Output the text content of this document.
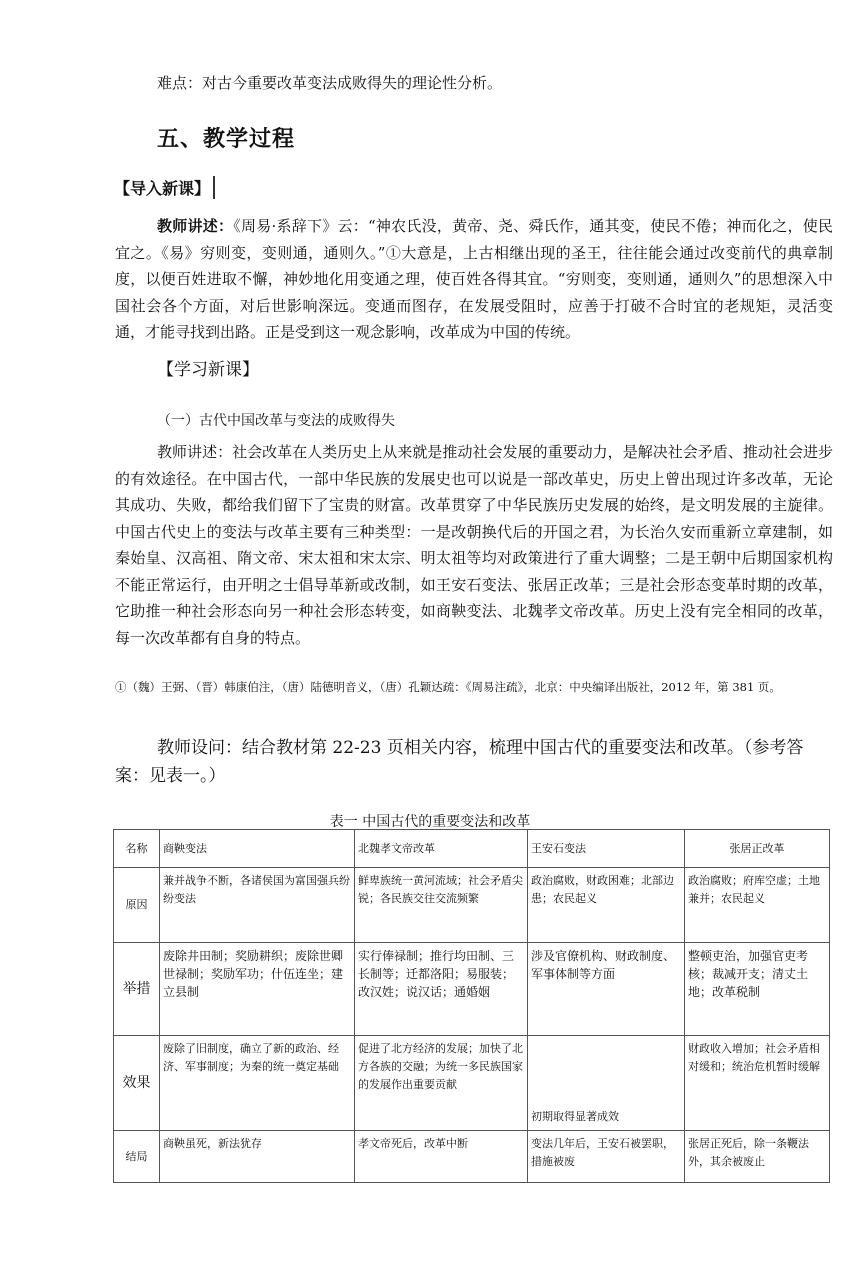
难点：对古今重要改革变法成败得失的理论性分析。
五、教学过程
【导入新课】
教师讲述：《周易·系辞下》云：“神农氏没，黄帝、尧、舜氏作，通其变，使民不倦；神而化之，使民宜之。《易》穷则变，变则通，通则久。”①大意是，上古相继出现的圣王，往往能会通过改变前代的典章制度，以便百姓进取不懈，神妙地化用变通之理，使百姓各得其宜。“穷则变，变则通，通则久”的思想深入中国社会各个方面，对后世影响深远。变通而图存，在发展受阻时，应善于打破不合时宜的老规矩，灵活变通，才能寻找到出路。正是受到这一观念影响，改革成为中国的传统。
【学习新课】
（一）古代中国改革与变法的成败得失
教师讲述：社会改革在人类历史上从来就是推动社会发展的重要动力，是解决社会矛盾、推动社会进步的有效途径。在中国古代，一部中华民族的发展史也可以说是一部改革史，历史上曾出现过许多改革，无论其成功、失败，都给我们留下了宝贵的财富。改革贯穿了中华民族历史发展的始终，是文明发展的主旋律。中国古代史上的变法与改革主要有三种类型：一是改朝换代后的开国之君，为长治久安而重新立章建制，如秦始皇、汉高祖、隋文帝、宋太祖和宋太宗、明太祖等均对政策进行了重大调整；二是王朝中后期国家机构不能正常运行，由开明之士倡导革新或改制，如王安石变法、张居正改革；三是社会形态变革时期的改革，它助推一种社会形态向另一种社会形态转变，如商鞅变法、北魏孝文帝改革。历史上没有完全相同的改革，每一次改革都有自身的特点。
①（魏）王弼、（晋）韩康伯注，（唐）陆德明音义，（唐）孔颖达疏：《周易注疏》，北京：中央编译出版社，2012 年，第 381 页。
教师设问：结合教材第 22-23 页相关内容，梳理中国古代的重要变法和改革。（参考答案：见表一。）
表一 中国古代的重要变法和改革
名称	商鞅变法	北魏孝文帝改革	王安石变法	张居正改革
原因	兼并战争不断，各诸侯国为富国强兵纷纷变法	鲜卑族统一黄河流域；社会矛盾尖锐；各民族交往交流频繁	政治腐败，财政困难；北部边患；农民起义	政治腐败；府库空虚；土地兼并；农民起义
举措	废除井田制；奖励耕织；废除世卿世禄制；奖励军功；什伍连坐；建立县制	实行俸禄制；推行均田制、三长制等；迁都洛阳；易服装；改汉姓；说汉话；通婚姻	涉及官僚机构、财政制度、军事体制等方面	整顿吏治，加强官吏考核；裁减开支；清丈土地；改革税制
效果	废除了旧制度，确立了新的政治、经济、军事制度；为秦的统一奠定基础	促进了北方经济的发展；加快了北方各族的交融；为统一多民族国家的发展作出重要贡献	初期取得显著成效	财政收入增加；社会矛盾相对缓和；统治危机暂时缓解
结局	商鞅虽死，新法犹存	孝文帝死后，改革中断	变法几年后，王安石被罢职，措施被废	张居正死后，除一条鞭法外，其余被废止
